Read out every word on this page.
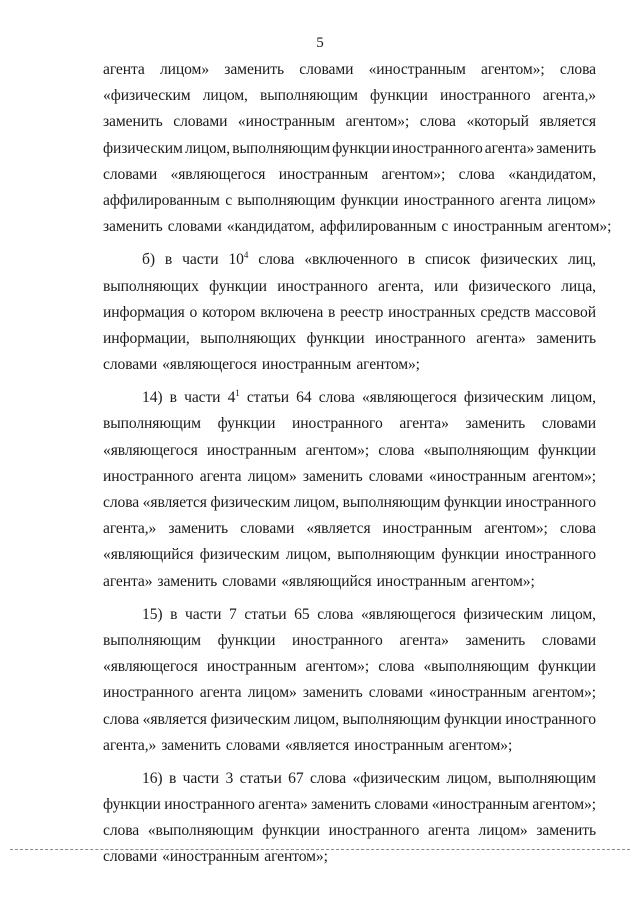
5
агента лицом» заменить словами «иностранным агентом»; слова
«физическим лицом, выполняющим функции иностранного агента,»
заменить словами «иностранным агентом»; слова «который является
физическим лицом, выполняющим функции иностранного агента» заменить
словами «являющегося иностранным агентом»; слова «кандидатом,
аффилированным с выполняющим функции иностранного агента лицом»
заменить словами «кандидатом, аффилированным с иностранным агентом»;
б) в части $10^4$ слова «включенного в список физических лиц,
выполняющих функции иностранного агента, или физического лица,
информация о котором включена в реестр иностранных средств массовой
информации, выполняющих функции иностранного агента» заменить
словами «являющегося иностранным агентом»;
14) в части $4^1$ статьи 64 слова «являющегося физическим лицом,
выполняющим функции иностранного агента» заменить словами
«являющегося иностранным агентом»; слова «выполняющим функции
иностранного агента лицом» заменить словами «иностранным агентом»;
слова «является физическим лицом, выполняющим функции иностранного
агента,» заменить словами «является иностранным агентом»; слова
«являющийся физическим лицом, выполняющим функции иностранного
агента» заменить словами «являющийся иностранным агентом»;
15) в части 7 статьи 65 слова «являющегося физическим лицом,
выполняющим функции иностранного агента» заменить словами
«являющегося иностранным агентом»; слова «выполняющим функции
иностранного агента лицом» заменить словами «иностранным агентом»;
слова «является физическим лицом, выполняющим функции иностранного
агента,» заменить словами «является иностранным агентом»;
16) в части 3 статьи 67 слова «физическим лицом, выполняющим
функции иностранного агента» заменить словами «иностранным агентом»;
слова «выполняющим функции иностранного агента лицом» заменить
словами «иностранным агентом»;
